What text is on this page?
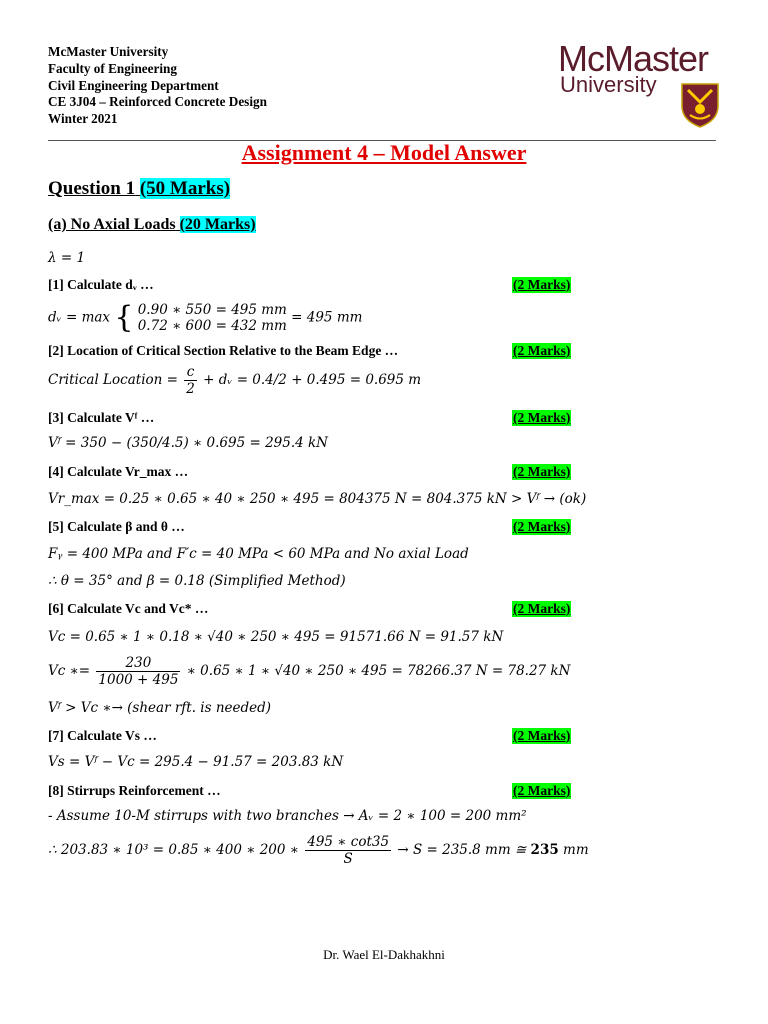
McMaster University
Faculty of Engineering
Civil Engineering Department
CE 3J04 – Reinforced Concrete Design
Winter 2021
McMaster
University
Assignment 4 – Model Answer
Question 1 (50 Marks)
(a) No Axial Loads (20 Marks)
λ = 1
[1] Calculate dᵥ …	(2 Marks)
dᵥ = max { 0.90 ∗ 550 = 495 mm
0.72 ∗ 600 = 432 mm
= 495 mm
[2] Location of Critical Section Relative to the Beam Edge …	(2 Marks)
Critical Location = $\frac{c}{2}$ + dᵥ = 0.4/2 + 0.495 = 0.695 m
[3] Calculate Vᶠ …	(2 Marks)
Vᶠ = 350 − (350/4.5) ∗ 0.695 = 295.4 kN
[4] Calculate Vr_max …	(2 Marks)
Vr_max = 0.25 ∗ 0.65 ∗ 40 ∗ 250 ∗ 495 = 804375 N = 804.375 kN > Vᶠ → (ok)
[5] Calculate β and θ …	(2 Marks)
Fᵧ = 400 MPa and F′c = 40 MPa < 60 MPa and No axial Load
∴ θ = 35° and β = 0.18 (Simplified Method)
[6] Calculate Vc and Vc* …	(2 Marks)
Vc = 0.65 ∗ 1 ∗ 0.18 ∗ √40 ∗ 250 ∗ 495 = 91571.66 N = 91.57 kN
Vc ∗= $\frac{230}{1000 + 495}$ ∗ 0.65 ∗ 1 ∗ √40 ∗ 250 ∗ 495 = 78266.37 N = 78.27 kN
Vᶠ > Vc ∗→ (shear rft. is needed)
[7] Calculate Vs …	(2 Marks)
Vs = Vᶠ − Vc = 295.4 − 91.57 = 203.83 kN
[8] Stirrups Reinforcement …	(2 Marks)
- Assume 10-M stirrups with two branches → Aᵥ = 2 ∗ 100 = 200 mm²
∴ 203.83 ∗ 10³ = 0.85 ∗ 400 ∗ 200 ∗ $\frac{495 ∗ \cot 35}{S} \to S = 235.8$ mm ≅ 235 mm
Dr. Wael El-Dakhakhni
